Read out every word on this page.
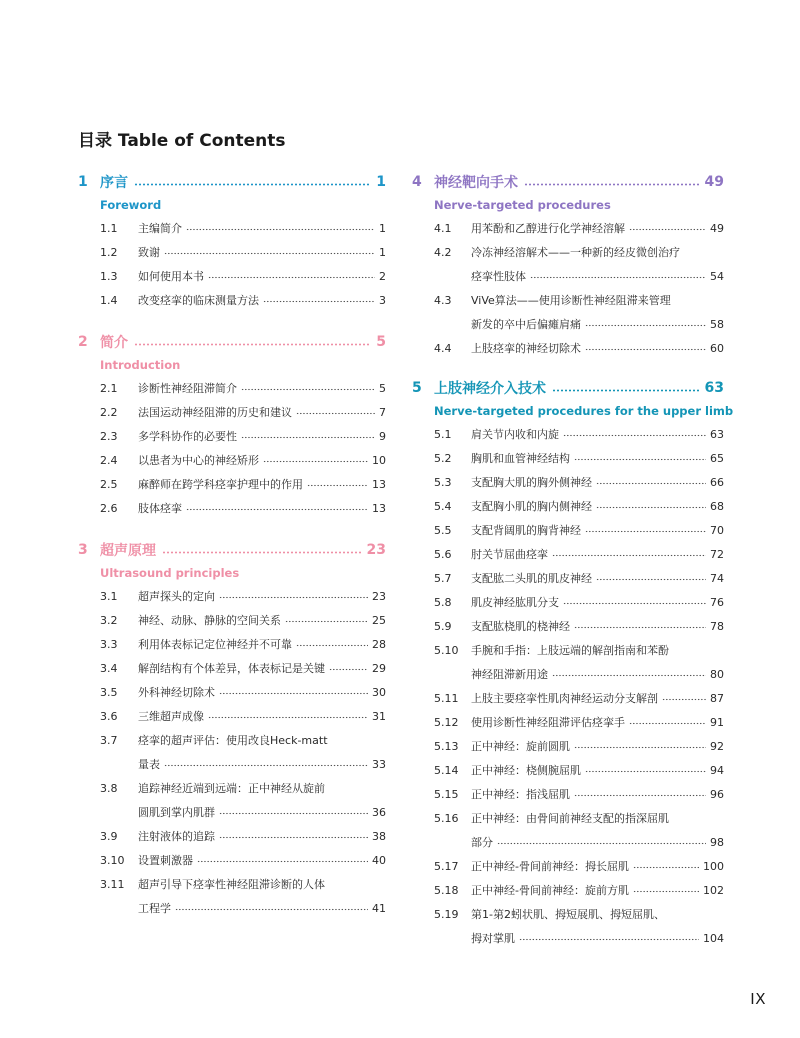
目录 Table of Contents
1 序言	1
Foreword
1.1	主编简介	1
1.2	致谢	1
1.3	如何使用本书	2
1.4	改变痉挛的临床测量方法	3
2 简介	5
Introduction
2.1	诊断性神经阻滞简介	5
2.2	法国运动神经阻滞的历史和建议	7
2.3	多学科协作的必要性	9
2.4	以患者为中心的神经矫形	10
2.5	麻醉师在跨学科痉挛护理中的作用	13
2.6	肢体痉挛	13
3 超声原理	23
Ultrasound principles
3.1	超声探头的定向	23
3.2	神经、动脉、静脉的空间关系	25
3.3	利用体表标记定位神经并不可靠	28
3.4	解剖结构有个体差异，体表标记是关键	29
3.5	外科神经切除术	30
3.6	三维超声成像	31
3.7	痉挛的超声评估：使用改良Heck-matt
量表	33
3.8	追踪神经近端到远端：正中神经从旋前
圆肌到掌内肌群	36
3.9	注射液体的追踪	38
3.10	设置刺激器	40
3.11	超声引导下痉挛性神经阻滞诊断的人体
工程学	41
4 神经靶向手术	49
Nerve-targeted procedures
4.1	用苯酚和乙醇进行化学神经溶解	49
4.2	冷冻神经溶解术——一种新的经皮微创治疗
痉挛性肢体	54
4.3	ViVe算法——使用诊断性神经阻滞来管理
新发的卒中后偏瘫肩痛	58
4.4	上肢痉挛的神经切除术	60
5 上肢神经介入技术	63
Nerve-targeted procedures for the upper limb
5.1	肩关节内收和内旋	63
5.2	胸肌和血管神经结构	65
5.3	支配胸大肌的胸外侧神经	66
5.4	支配胸小肌的胸内侧神经	68
5.5	支配背阔肌的胸背神经	70
5.6	肘关节屈曲痉挛	72
5.7	支配肱二头肌的肌皮神经	74
5.8	肌皮神经肱肌分支	76
5.9	支配肱桡肌的桡神经	78
5.10	手腕和手指：上肢远端的解剖指南和苯酚
神经阻滞新用途	80
5.11	上肢主要痉挛性肌肉神经运动分支解剖	87
5.12	使用诊断性神经阻滞评估痉挛手	91
5.13	正中神经：旋前圆肌	92
5.14	正中神经：桡侧腕屈肌	94
5.15	正中神经：指浅屈肌	96
5.16	正中神经：由骨间前神经支配的指深屈肌
部分	98
5.17	正中神经-骨间前神经：拇长屈肌	100
5.18	正中神经-骨间前神经：旋前方肌	102
5.19	第1-第2蚓状肌、拇短展肌、拇短屈肌、
拇对掌肌	104
IX
